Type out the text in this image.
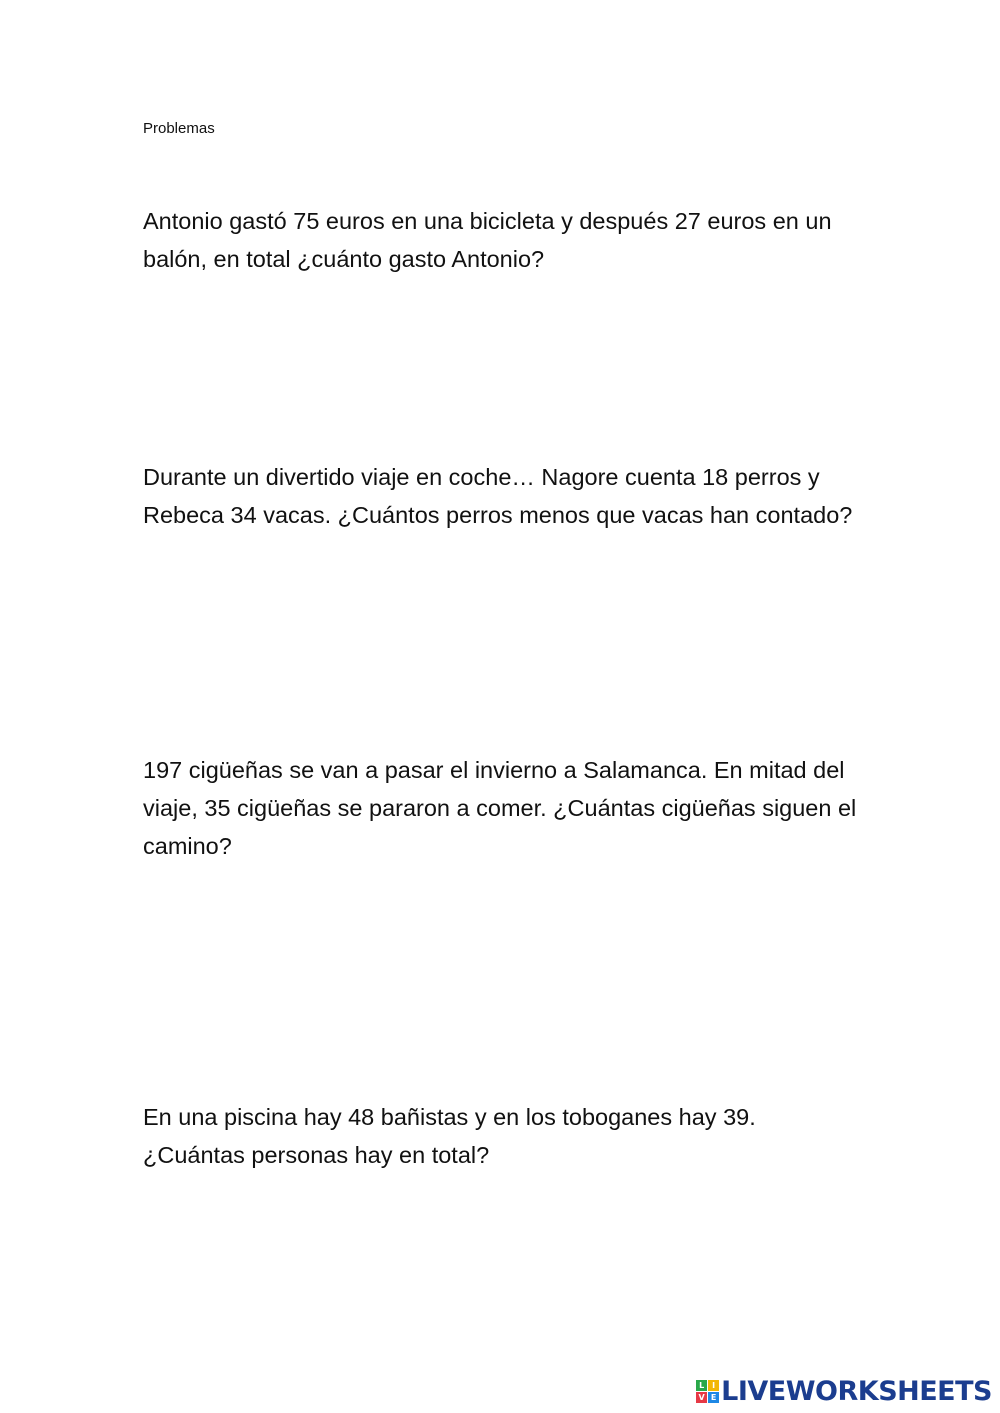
Problemas

Antonio gastó 75 euros en una bicicleta y después 27 euros en un balón, en total ¿cuánto gasto Antonio?

Durante un divertido viaje en coche… Nagore cuenta 18 perros y Rebeca 34 vacas. ¿Cuántos perros menos que vacas han contado?

197 cigüeñas se van a pasar el invierno a Salamanca. En mitad del viaje, 35 cigüeñas se pararon a comer. ¿Cuántas cigüeñas siguen el camino?

En una piscina hay 48 bañistas y en los toboganes hay 39. ¿Cuántas personas hay en total?

L I
V E LIVEWORKSHEETS
